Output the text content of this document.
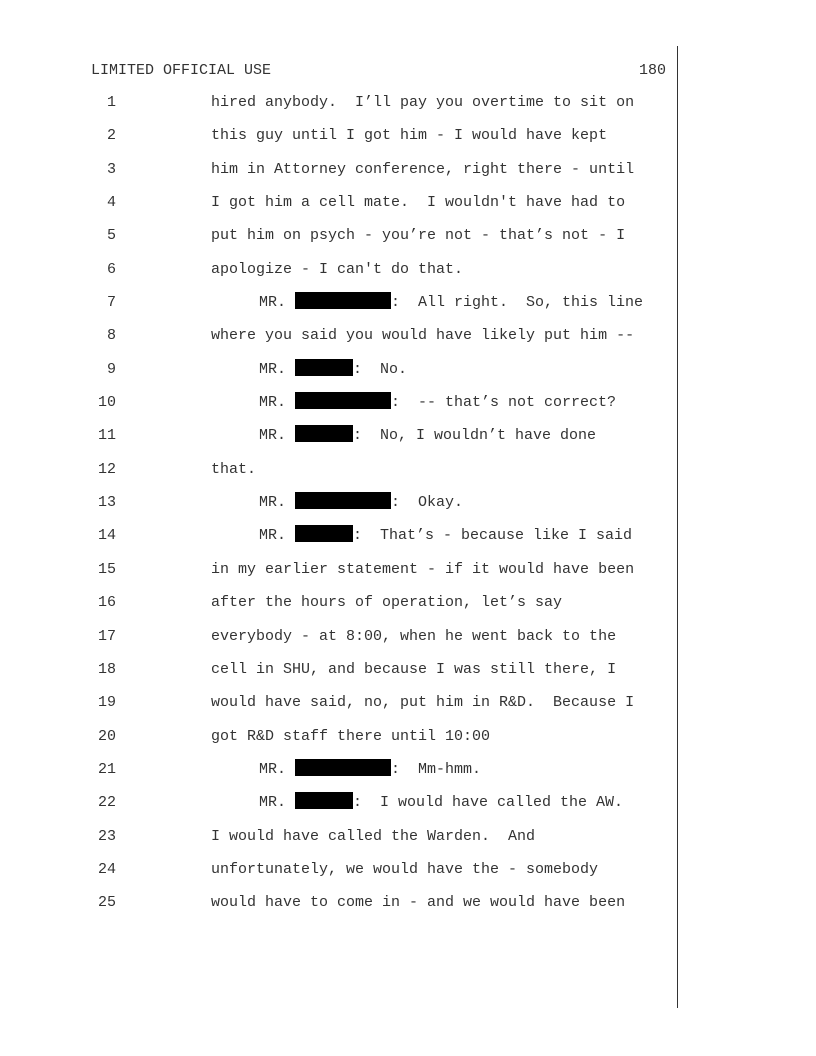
LIMITED OFFICIAL USE	180
1	hired anybody.  I’ll pay you overtime to sit on
2	this guy until I got him - I would have kept
3	him in Attorney conference, right there - until
4	I got him a cell mate.  I wouldn't have had to
5	put him on psych - you’re not - that’s not - I
6	apologize - I can't do that.
7	MR.	:  All right.  So, this line
8	where you said you would have likely put him --
9	MR.	:  No.
10	MR.	:  -- that’s not correct?
11	MR.	:  No, I wouldn’t have done
12	that.
13	MR.	:  Okay.
14	MR.	:  That’s - because like I said
15	in my earlier statement - if it would have been
16	after the hours of operation, let’s say
17	everybody - at 8:00, when he went back to the
18	cell in SHU, and because I was still there, I
19	would have said, no, put him in R&D.  Because I
20	got R&D staff there until 10:00
21	MR.	:  Mm-hmm.
22	MR.	:  I would have called the AW.
23	I would have called the Warden.  And
24	unfortunately, we would have the - somebody
25	would have to come in - and we would have been
